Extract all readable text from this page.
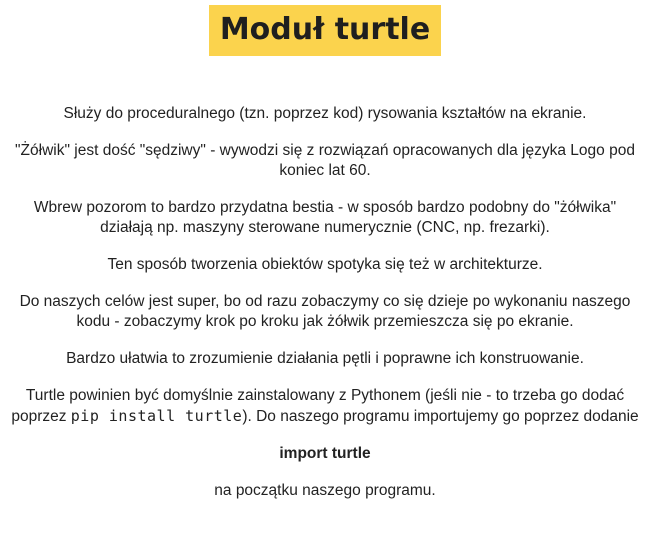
Moduł turtle

Służy do proceduralnego (tzn. poprzez kod) rysowania kształtów na ekranie.

"Żółwik" jest dość "sędziwy" - wywodzi się z rozwiązań opracowanych dla języka Logo pod koniec lat 60.

Wbrew pozorom to bardzo przydatna bestia - w sposób bardzo podobny do "żółwika" działają np. maszyny sterowane numerycznie (CNC, np. frezarki).

Ten sposób tworzenia obiektów spotyka się też w architekturze.

Do naszych celów jest super, bo od razu zobaczymy co się dzieje po wykonaniu naszego kodu - zobaczymy krok po kroku jak żółwik przemieszcza się po ekranie.

Bardzo ułatwia to zrozumienie działania pętli i poprawne ich konstruowanie.

Turtle powinien być domyślnie zainstalowany z Pythonem (jeśli nie - to trzeba go dodać poprzez pip install turtle). Do naszego programu importujemy go poprzez dodanie

import turtle

na początku naszego programu.
